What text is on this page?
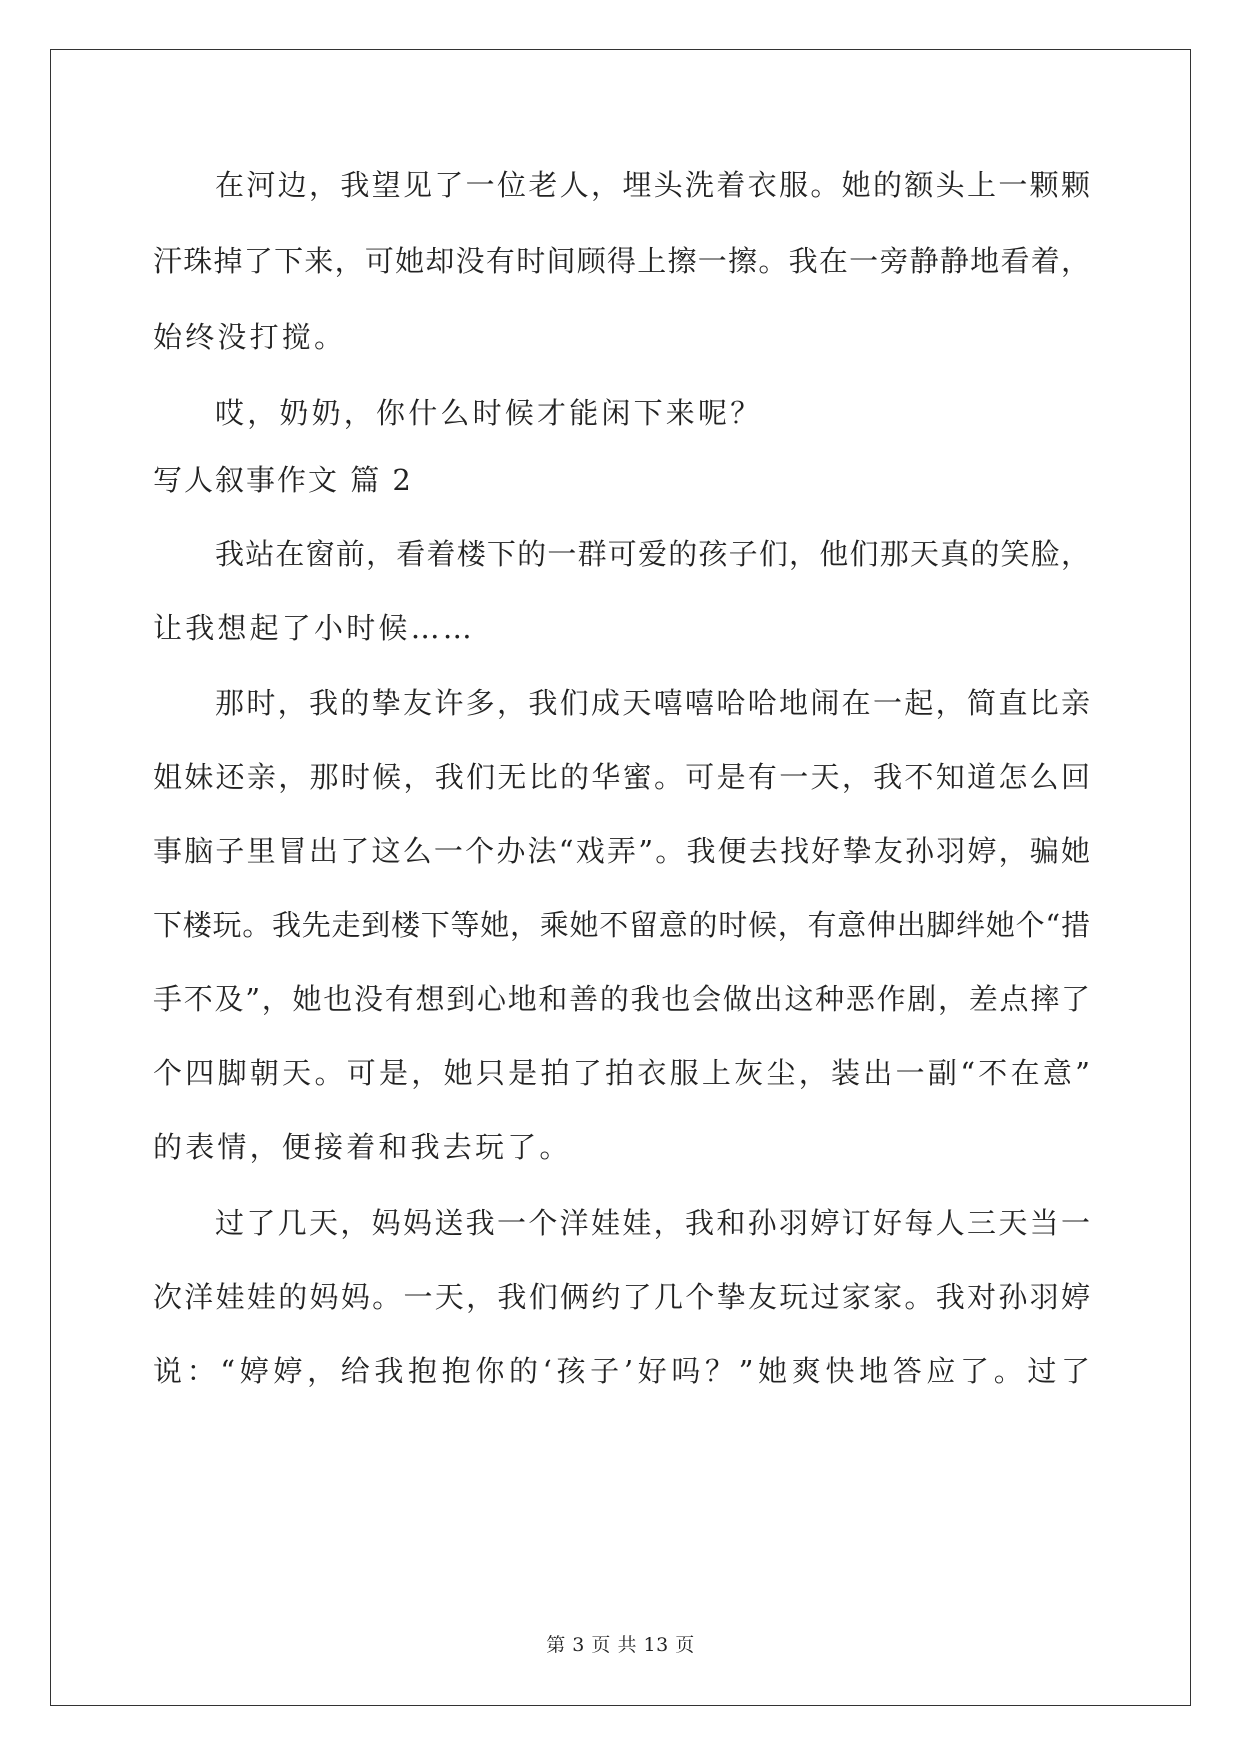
在河边，我望见了一位老人，埋头洗着衣服。她的额头上一颗颗
汗珠掉了下来，可她却没有时间顾得上擦一擦。我在一旁静静地看着，
始终没打搅。
哎，奶奶，你什么时候才能闲下来呢？
写人叙事作文 篇 2
我站在窗前，看着楼下的一群可爱的孩子们，他们那天真的笑脸，
让我想起了小时候……
那时，我的挚友许多，我们成天嘻嘻哈哈地闹在一起，简直比亲
姐妹还亲，那时候，我们无比的华蜜。可是有一天，我不知道怎么回
事脑子里冒出了这么一个办法“戏弄”。我便去找好挚友孙羽婷，骗她
下楼玩。我先走到楼下等她，乘她不留意的时候，有意伸出脚绊她个“措
手不及”，她也没有想到心地和善的我也会做出这种恶作剧，差点摔了
个四脚朝天。可是，她只是拍了拍衣服上灰尘，装出一副“不在意”
的表情，便接着和我去玩了。
过了几天，妈妈送我一个洋娃娃，我和孙羽婷订好每人三天当一
次洋娃娃的妈妈。一天，我们俩约了几个挚友玩过家家。我对孙羽婷
说：“婷婷，给我抱抱你的‘孩子’好吗？”她爽快地答应了。过了
第 3 页 共 13 页
